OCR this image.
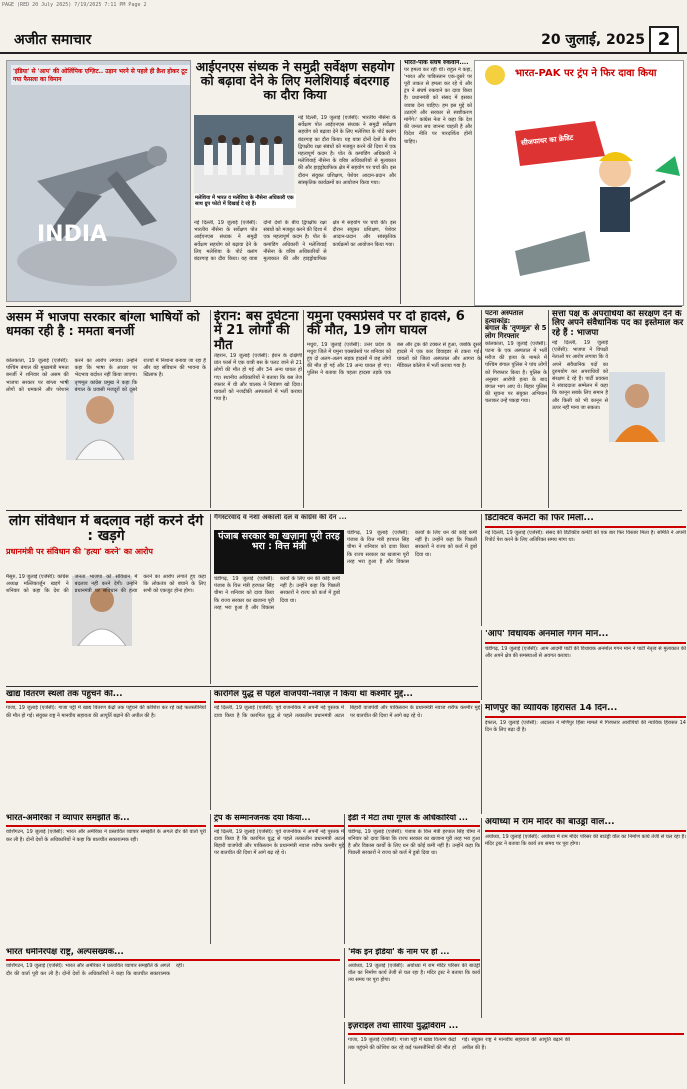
PAGE (RED 20 July 2025) 7/19/2025 7:11 PM Page 2
अजीत समाचार	20 जुलाई, 2025 2
'इंडिया' से 'आप' की ओलिंपिक एग्ज़िट.. उड़ान भरने से पहले ही क्रैश होकर टूट गया फैसला का विमान
INDIA
आईएनएस संध्यक ने समुद्री सर्वेक्षण सहयोग को बढ़ावा देने के लिए मलेशियाई बंदरगाह का दौरा किया
मलेशिया में भारत व मलेशिया के नौसेना अधिकारी एक साथ ग्रुप फोटो में दिखाई दे रहे हैं।
नई दिल्ली, 19 जुलाई (एजेंसी): भारतीय नौसेना के सर्वेक्षण पोत आईएनएस संध्यक ने समुद्री सर्वेक्षण सहयोग को बढ़ावा देने के लिए मलेशिया के पोर्ट क्लांग बंदरगाह का दौरा किया। यह यात्रा दोनों देशों के बीच द्विपक्षीय रक्षा संबंधों को मजबूत करने की दिशा में एक महत्वपूर्ण कदम है। पोत के कमांडिंग अधिकारी ने मलेशियाई नौसेना के वरिष्ठ अधिकारियों से मुलाकात की और हाइड्रोग्राफिक क्षेत्र में सहयोग पर चर्चा की। इस दौरान संयुक्त प्रशिक्षण, पेशेवर आदान-प्रदान और सांस्कृतिक कार्यक्रमों का आयोजन किया गया।
नई दिल्ली, 19 जुलाई (एजेंसी): भारतीय नौसेना के सर्वेक्षण पोत आईएनएस संध्यक ने समुद्री सर्वेक्षण सहयोग को बढ़ावा देने के लिए मलेशिया के पोर्ट क्लांग बंदरगाह का दौरा किया। यह यात्रा दोनों देशों के बीच द्विपक्षीय रक्षा संबंधों को मजबूत करने की दिशा में एक महत्वपूर्ण कदम है। पोत के कमांडिंग अधिकारी ने मलेशियाई नौसेना के वरिष्ठ अधिकारियों से मुलाकात की और हाइड्रोग्राफिक क्षेत्र में सहयोग पर चर्चा की। इस दौरान संयुक्त प्रशिक्षण, पेशेवर आदान-प्रदान और सांस्कृतिक कार्यक्रमों का आयोजन किया गया।
भारत-पाक संघर्ष रुकवाने....
पर हमला कर रही थी। राहुल ने कहा, 'भारत और पाकिस्तान एक-दूसरे पर पूरी ताकत से हमला कर रहे थे और ट्रंप ने संघर्ष रुकवाने का दावा किया है। प्रधानमंत्री को संसद में इसका जवाब देना चाहिए। हम इस मुद्दे को उठाएंगे और सरकार से स्पष्टीकरण मांगेंगे।' कांग्रेस नेता ने कहा कि देश की जनता सच जानना चाहती है और विदेश नीति पर पारदर्शिता होनी चाहिए।
भारत-PAK पर ट्रंप ने फिर दावा किया
सीजफायर का क्रेडिट
असम में भाजपा सरकार बांग्ला भाषियों को धमका रही है : ममता बनर्जी
कोलकाता, 19 जुलाई (एजेंसी): पश्चिम बंगाल की मुख्यमंत्री ममता बनर्जी ने शनिवार को असम की भाजपा सरकार पर बांग्ला भाषी लोगों को धमकाने और परेशान करने का आरोप लगाया। उन्होंने कहा कि भाषा के आधार पर भेदभाव बर्दाश्त नहीं किया जाएगा। तृणमूल कांग्रेस प्रमुख ने कहा कि बंगाल के प्रवासी मजदूरों को दूसरे राज्यों में निशाना बनाया जा रहा है और यह संविधान की भावना के खिलाफ है।
ईरान: बस दुर्घटना में 21 लोगों की मौत
तेहरान, 19 जुलाई (एजेंसी): ईरान के दक्षिणी प्रांत फार्स में एक यात्री बस के पलट जाने से 21 लोगों की मौत हो गई और 34 अन्य घायल हो गए। स्थानीय अधिकारियों ने बताया कि बस तेज रफ्तार में थी और चालक ने नियंत्रण खो दिया। घायलों को नजदीकी अस्पतालों में भर्ती कराया गया है।
यमुना एक्सप्रेसवे पर दो हादसे, 6 की मौत, 19 लोग घायल
मथुरा, 19 जुलाई (एजेंसी): उत्तर प्रदेश के मथुरा जिले में यमुना एक्सप्रेसवे पर शनिवार को हुए दो अलग-अलग सड़क हादसों में छह लोगों की मौत हो गई और 19 अन्य घायल हो गए। पुलिस ने बताया कि पहला हादसा तड़के एक बस और ट्रक की टक्कर से हुआ, जबकि दूसरे हादसे में एक कार डिवाइडर से टकरा गई। घायलों को जिला अस्पताल और आगरा के मेडिकल कॉलेज में भर्ती कराया गया है।
पटना अस्पताल हत्याकांड:
बंगाल के 'तृणमूल' से 5 लोग गिरफ्तार
कोलकाता, 19 जुलाई (एजेंसी): पटना के एक अस्पताल में भर्ती मरीज की हत्या के मामले में पश्चिम बंगाल पुलिस ने पांच लोगों को गिरफ्तार किया है। पुलिस के अनुसार आरोपी हत्या के बाद बंगाल भाग आए थे। बिहार पुलिस की सूचना पर संयुक्त अभियान चलाकर उन्हें पकड़ा गया।
सत्ता पक्ष के अपराधियों को संरक्षण देने के लिए अपने संवैधानिक पद का इस्तेमाल कर रहे हैं : भाजपा
नई दिल्ली, 19 जुलाई (एजेंसी): भाजपा ने विपक्षी नेताओं पर आरोप लगाया कि वे अपने संवैधानिक पदों का दुरुपयोग कर अपराधियों को संरक्षण दे रहे हैं। पार्टी प्रवक्ता ने संवाददाता सम्मेलन में कहा कि कानून सबके लिए समान है और किसी को भी कानून से ऊपर नहीं माना जा सकता।
लोग संविधान में बदलाव नहीं करने देंगे : खड़गे
प्रधानमंत्री पर संविधान की 'हत्या' करने' का आरोप
मैसूरु, 19 जुलाई (एजेंसी): कांग्रेस अध्यक्ष मल्लिकार्जुन खड़गे ने शनिवार को कहा कि देश की जनता भाजपा को संविधान में बदलाव नहीं करने देगी। उन्होंने प्रधानमंत्री पर संविधान की हत्या करने का आरोप लगाते हुए कहा कि लोकतंत्र को बचाने के लिए सभी को एकजुट होना होगा।
गैंगस्टरवाद व नशा अकाली दल व कांग्रेस की देन ...
पंजाब सरकार का खज़ाना पूरी तरह भरा : वित्त मंत्री
चंडीगढ़, 19 जुलाई (एजेंसी): पंजाब के वित्त मंत्री हरपाल सिंह चीमा ने शनिवार को दावा किया कि राज्य सरकार का खजाना पूरी तरह भरा हुआ है और विकास कार्यों के लिए धन की कोई कमी नहीं है। उन्होंने कहा कि पिछली सरकारों ने राज्य को कर्ज में डुबो दिया था।
चंडीगढ़, 19 जुलाई (एजेंसी): पंजाब के वित्त मंत्री हरपाल सिंह चीमा ने शनिवार को दावा किया कि राज्य सरकार का खजाना पूरी तरह भरा हुआ है और विकास कार्यों के लिए धन की कोई कमी नहीं है। उन्होंने कहा कि पिछली सरकारों ने राज्य को कर्ज में डुबो दिया था।
डिटेक्टिव कमेटी को फिर मिली...
नई दिल्ली, 19 जुलाई (एजेंसी): संसद की डिटेक्टिव कमेटी को एक बार फिर विस्तार मिला है। समिति ने अपनी रिपोर्ट पेश करने के लिए अतिरिक्त समय मांगा था।
'आप' विधायक अनमोल गगन मान...
चंडीगढ़, 19 जुलाई (एजेंसी): आम आदमी पार्टी की विधायक अनमोल गगन मान ने पार्टी नेतृत्व से मुलाकात की और अपने क्षेत्र की समस्याओं से अवगत कराया।
खाद्य वितरण स्थलों तक पहुंचने की...
गाजा, 19 जुलाई (एजेंसी): गाजा पट्टी में खाद्य वितरण केंद्रों तक पहुंचने की कोशिश कर रहे कई फलस्तीनियों की मौत हो गई। संयुक्त राष्ट्र ने मानवीय सहायता की आपूर्ति बढ़ाने की अपील की है।
कारगिल युद्ध से पहले वाजपेयी-नवाज़ ने किया था कश्मीर मुद्दे...
नई दिल्ली, 19 जुलाई (एजेंसी): पूर्व राजनयिक ने अपनी नई पुस्तक में दावा किया है कि कारगिल युद्ध से पहले तत्कालीन प्रधानमंत्री अटल बिहारी वाजपेयी और पाकिस्तान के प्रधानमंत्री नवाज शरीफ कश्मीर मुद्दे पर बातचीत की दिशा में आगे बढ़ रहे थे।
भारत-अमेरिका ने व्यापार समझौते के...
वाशिंगटन, 19 जुलाई (एजेंसी): भारत और अमेरिका ने प्रस्तावित व्यापार समझौते के अगले दौर की वार्ता पूरी कर ली है। दोनों देशों के अधिकारियों ने कहा कि बातचीत सकारात्मक रही।
ट्रंप के सम्मानजनक दया किया...
नई दिल्ली, 19 जुलाई (एजेंसी): पूर्व राजनयिक ने अपनी नई पुस्तक में दावा किया है कि कारगिल युद्ध से पहले तत्कालीन प्रधानमंत्री अटल बिहारी वाजपेयी और पाकिस्तान के प्रधानमंत्री नवाज शरीफ कश्मीर मुद्दे पर बातचीत की दिशा में आगे बढ़ रहे थे।
ईडी ने मेटा तथा गूगल के अधिकारियों ...
चंडीगढ़, 19 जुलाई (एजेंसी): पंजाब के वित्त मंत्री हरपाल सिंह चीमा ने शनिवार को दावा किया कि राज्य सरकार का खजाना पूरी तरह भरा हुआ है और विकास कार्यों के लिए धन की कोई कमी नहीं है। उन्होंने कहा कि पिछली सरकारों ने राज्य को कर्ज में डुबो दिया था।
मणिपुर की व्यायिक हिरासत 14 दिन...
इंफाल, 19 जुलाई (एजेंसी): अदालत ने मणिपुर हिंसा मामले में गिरफ्तार आरोपियों की न्यायिक हिरासत 14 दिन के लिए बढ़ा दी है।
'मेक इन इंडिया' के नाम पर हो ...
अयोध्या, 19 जुलाई (एजेंसी): अयोध्या में राम मंदिर परिसर की बाउंड्री वॉल का निर्माण कार्य तेजी से चल रहा है। मंदिर ट्रस्ट ने बताया कि कार्य तय समय पर पूरा होगा।
भारत धर्मनिरपेक्ष राष्ट्र, अल्पसंख्यक...
वाशिंगटन, 19 जुलाई (एजेंसी): भारत और अमेरिका ने प्रस्तावित व्यापार समझौते के अगले दौर की वार्ता पूरी कर ली है। दोनों देशों के अधिकारियों ने कहा कि बातचीत सकारात्मक रही।
इज़राइल तथा सीरिया युद्धविराम ...
गाजा, 19 जुलाई (एजेंसी): गाजा पट्टी में खाद्य वितरण केंद्रों तक पहुंचने की कोशिश कर रहे कई फलस्तीनियों की मौत हो गई। संयुक्त राष्ट्र ने मानवीय सहायता की आपूर्ति बढ़ाने की अपील की है।
अयोध्या में राम मंदिर की बाउंड्री वॉल...
अयोध्या, 19 जुलाई (एजेंसी): अयोध्या में राम मंदिर परिसर की बाउंड्री वॉल का निर्माण कार्य तेजी से चल रहा है। मंदिर ट्रस्ट ने बताया कि कार्य तय समय पर पूरा होगा।
